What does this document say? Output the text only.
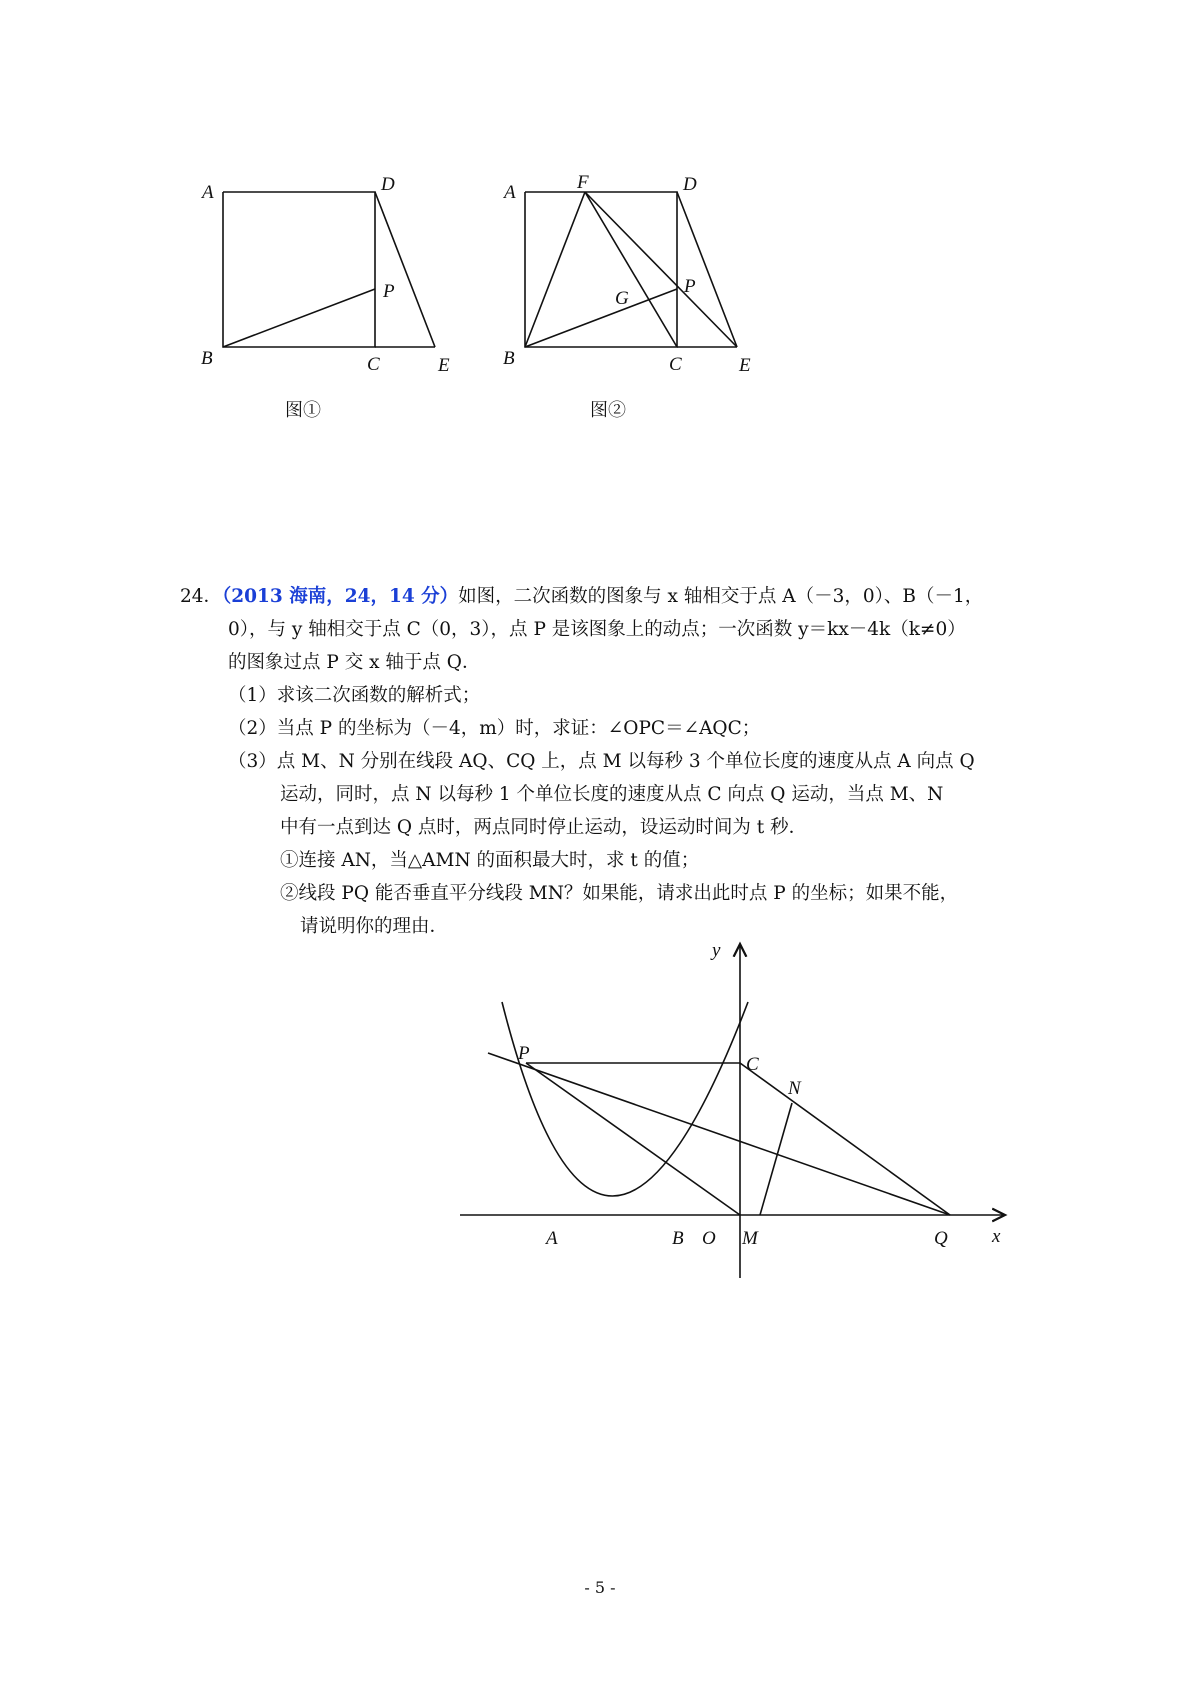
A	D
P
B	C	E
图①
A	F	D
G
P
B	C	E
图②
24．（2013 海南，24，14 分）如图，二次函数的图象与 x 轴相交于点 A（－3，0）、B（－1，
0），与 y 轴相交于点 C（0，3），点 P 是该图象上的动点；一次函数 y＝kx－4k（k≠0）
的图象过点 P 交 x 轴于点 Q．
（1）求该二次函数的解析式；
（2）当点 P 的坐标为（－4，m）时，求证：∠OPC＝∠AQC；
（3）点 M、N 分别在线段 AQ、CQ 上，点 M 以每秒 3 个单位长度的速度从点 A 向点 Q
运动，同时，点 N 以每秒 1 个单位长度的速度从点 C 向点 Q 运动，当点 M、N
中有一点到达 Q 点时，两点同时停止运动，设运动时间为 t 秒．
①连接 AN，当△AMN 的面积最大时，求 t 的值；
②线段 PQ 能否垂直平分线段 MN？如果能，请求出此时点 P 的坐标；如果不能，
请说明你的理由．
y
x
P
C
N
A	B O M	Q
- 5 -
